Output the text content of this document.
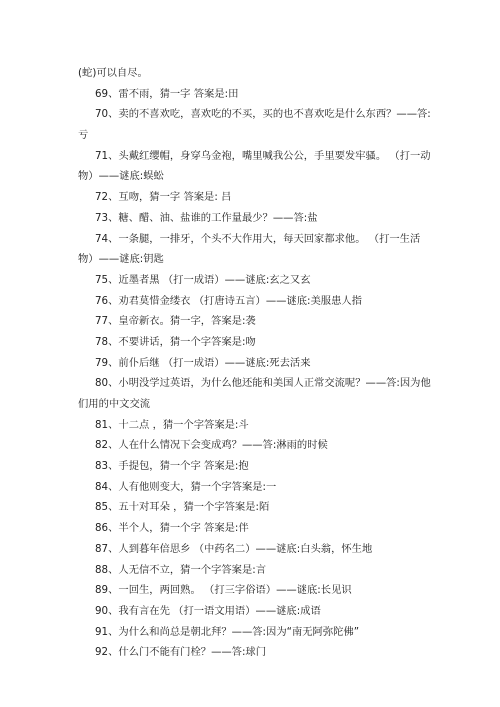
(蛇)可以自尽。
69、雷不雨，猜一字 答案是:田
70、卖的不喜欢吃，喜欢吃的不买，买的也不喜欢吃是什么东西？——答:
亏
71、头戴红缨帽，身穿乌金袍，嘴里喊我公公，手里要发牢骚。 （打一动
物）——谜底:蜈蚣
72、互吻，猜一字 答案是: 吕
73、糖、醋、油、盐谁的工作量最少？——答:盐
74、一条腿，一排牙，个头不大作用大，每天回家都求他。 （打一生活
物）——谜底:钥匙
75、近墨者黑 （打一成语）——谜底:玄之又玄
76、劝君莫惜金缕衣 （打唐诗五言）——谜底:美服患人指
77、皇帝新衣。猜一字，答案是:袭
78、不要讲话，猜一个字答案是:吻
79、前仆后继 （打一成语）——谜底:死去活来
80、小明没学过英语，为什么他还能和美国人正常交流呢？——答:因为他
们用的中文交流
81、十二点 ，猜一个字答案是:斗
82、人在什么情况下会变成鸡？——答:淋雨的时候
83、手提包，猜一个字 答案是:抱
84、人有他则变大，猜一个字答案是:一
85、五十对耳朵 ，猜一个字答案是:陌
86、半个人，猜一个字 答案是:伴
87、人到暮年倍思乡 （中药名二）——谜底:白头翁，怀生地
88、人无信不立，猜一个字答案是:言
89、一回生，两回熟。 （打三字俗语）——谜底:长见识
90、我有言在先 （打一语文用语）——谜底:成语
91、为什么和尚总是朝北拜？——答:因为“南无阿弥陀佛”
92、什么门不能有门栓？——答:球门
